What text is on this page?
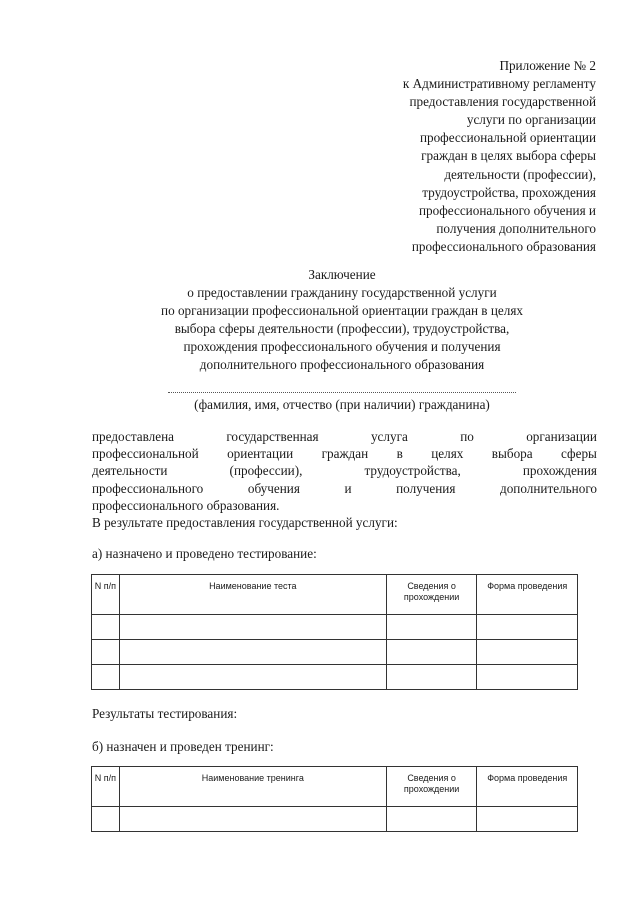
Приложение № 2
к Административному регламенту
предоставления государственной
услуги по организации
профессиональной ориентации
граждан в целях выбора сферы
деятельности (профессии),
трудоустройства, прохождения
профессионального обучения и
получения дополнительного
профессионального образования
Заключение
о предоставлении гражданину государственной услуги
по организации профессиональной ориентации граждан в целях
выбора сферы деятельности (профессии), трудоустройства,
прохождения профессионального обучения и получения
дополнительного профессионального образования
(фамилия, имя, отчество (при наличии) гражданина)
предоставлена	государственная	услуга	по	организации
профессиональной ориентации граждан в целях выбора сферы
деятельности	(профессии),	трудоустройства,	прохождения
профессионального	обучения	и	получения	дополнительного
профессионального образования.
В результате предоставления государственной услуги:
а) назначено и проведено тестирование:
N п/п	Наименование теста	Сведения о прохождении	Форма проведения

Результаты тестирования:
б) назначен и проведен тренинг:
N п/п	Наименование тренинга	Сведения о прохождении	Форма проведения
